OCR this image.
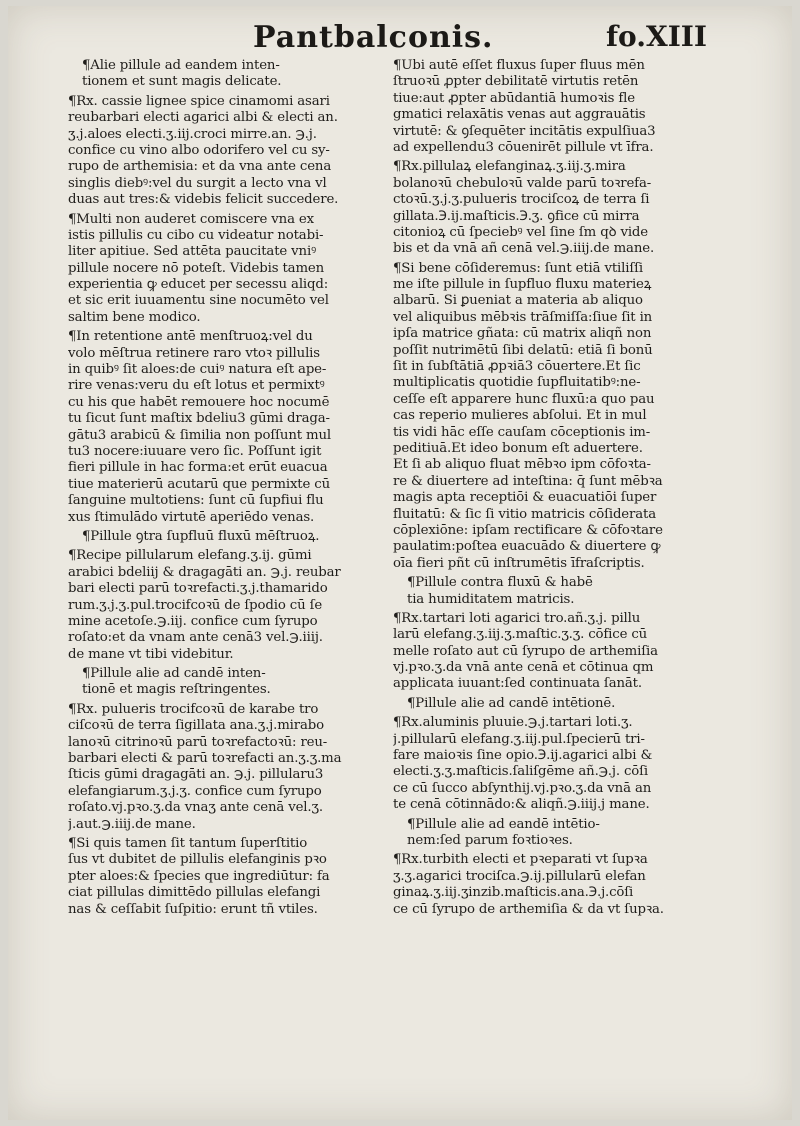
Pantbalconis.	fo.XIII
¶Alie pillule ad eandem inten-
tionem et sunt magis delicate.
¶Rx. cassie lignee spice cinamomi asari
reubarbari electi agarici albi & electi an.
ʒ.j.aloes electi.ʒ.iij.croci mirre.an. ℈.j.
confice cu vino albo odorifero vel cu sy-
rupo de arthemisia: et da vna ante cena
singlis diebꝰ:vel du surgit a lecto vna vl
duas aut tres:& videbis felicit succedere.
¶Multi non auderet comiscere vna ex
istis pillulis cu cibo cu videatur notabi-
liter apitiue. Sed attēta paucitate vniꝰ
pillule nocere nō poteſt. Videbis tamen
experientia ꝙ educet per secessu aliqd:
et sic erit iuuamentu sine nocumēto vel
saltim bene modico.
¶In retentione antē menſtruoꝝ:vel du
volo mēſtrua retinere raro vtoꝛ pillulis
in quibꝰ ſit aloes:de cuiꝰ natura eſt ape-
rire venas:veru du eſt lotus et permixtꝰ
cu his que habēt remouere hoc nocumē
tu ſicut ſunt maſtix bdeliu3 gūmi draga-
gātu3 arabicū & ſimilia non poſſunt mul
tu3 nocere:iuuare vero ſic. Poſſunt igit
fieri pillule in hac forma:et erūt euacua
tiue materierū acutarū que permixte cū
ſanguine multotiens: ſunt cū ſupfiui flu
xus ſtimulādo virtutē aperiēdo venas.
¶Pillule ꝯtra ſupfluū fluxū mēſtruoꝝ.
¶Recipe pillularum elefang.ʒ.ij. gūmi
arabici bdeliij & dragagāti an. ℈.j. reubar
bari electi parū toꝛrefacti.ʒ.j.thamarido
rum.ʒ.j.ʒ.pul.trocifcoꝛū de ſpodio cū ſe
mine acetoſe.℈.iij. confice cum ſyrupo
roſato:et da vnam ante cenā3 vel.℈.iiij.
de mane vt tibi videbitur.
¶Pillule alie ad candē inten-
tionē et magis reſtringentes.
¶Rx. pulueris trocifcoꝛū de karabe tro
ciſcoꝛū de terra ſigillata ana.ʒ.j.mirabo
lanoꝛū citrinoꝛū parū toꝛrefactoꝛū: reu-
barbari electi & parū toꝛrefacti an.ʒ.ʒ.ma
ſticis gūmi dragagāti an. ℈.j. pillularu3
elefangiarum.ʒ.j.ʒ. confice cum ſyrupo
roſato.vj.pꝛo.ʒ.da vnaʒ ante cenā vel.ʒ.
j.aut.℈.iiij.de mane.
¶Si quis tamen ſit tantum ſuperſtitio
ſus vt dubitet de pillulis elefanginis pꝛo
pter aloes:& ſpecies que ingrediūtur: fa
ciat pillulas dimittēdo pillulas elefangi
nas & ceſſabit ſuſpitio: erunt tñ vtiles.
¶Ubi autē eſſet fluxus ſuper fluus mēn
ſtruoꝛū ꝓpter debilitatē virtutis retēn
tiue:aut ꝓpter abūdantiā humoꝛis fle
gmatici relaxātis venas aut aggrauātis
virtutē: & ꝯſequēter incitātis expulſiua3
ad expellendu3 cōuenirēt pillule vt īfra.
¶Rx.pillulaꝝ elefanginaꝝ.ʒ.iij.ʒ.mira
bolanoꝛū chebuloꝛū valde parū toꝛrefa-
ctoꝛū.ʒ.j.ʒ.pulueris trociſcoꝝ de terra ſi
gillata.℈.ij.maſticis.℈.ʒ. ꝯfice cū mirra
citonioꝝ cū ſpeciebꝰ vel ſine ſm qꝺ vide
bis et da vnā añ cenā vel.℈.iiij.de mane.
¶Si bene cōſideremus: ſunt etiā vtiliſſi
me iſte pillule in ſupfluo fluxu materieꝝ
albarū. Si ꝑueniat a materia ab aliquo
vel aliquibus mēbꝛis trāſmiſſa:ſiue ſit in
ipſa matrice gñata: cū matrix aliqñ non
poſſit nutrimētū ſibi delatū: etiā ſi bonū
ſit in ſubſtātiā ꝓpꝛiā3 cōuertere.Et ſic
multiplicatis quotidie ſupfluitatibꝰ:ne-
ceſſe eſt apparere hunc fluxū:a quo pau
cas reperio mulieres abſolui. Et in mul
tis vidi hāc eſſe cauſam cōceptionis im-
peditiuā.Et ideo bonum eſt aduertere.
Et ſi ab aliquo fluat mēbꝛo ipm cōfoꝛta-
re & diuertere ad inteſtina: q̄ ſunt mēbꝛa
magis apta receptiōi & euacuatiōi ſuper
fluitatū: & ſic ſi vitio matricis cōſiderata
cōplexiōne: ipſam rectificare & cōfoꝛtare
paulatim:poſtea euacuādo & diuertere ꝙ
oīa fieri pñt cū inſtrumētis īfraſcriptis.
¶Pillule contra fluxū & habē
tia humiditatem matricis.
¶Rx.tartari loti agarici tro.añ.ʒ.j. pillu
larū elefang.ʒ.iij.ʒ.maſtic.ʒ.ʒ. cōfice cū
melle roſato aut cū ſyrupo de arthemiſia
vj.pꝛo.ʒ.da vnā ante cenā et cōtinua qm
applicata iuuant:ſed continuata ſanāt.
¶Pillule alie ad candē intētionē.
¶Rx.aluminis pluuie.℈.j.tartari loti.ʒ.
j.pillularū elefang.ʒ.iij.pul.ſpecierū tri-
fare maioꝛis ſine opio.℈.ij.agarici albi &
electi.ʒ.ʒ.maſticis.ſaliſgēme añ.℈.j. cōſi
ce cū ſucco abſynthij.vj.pꝛo.ʒ.da vnā an
te cenā cōtinnādo:& aliqñ.℈.iiij.j mane.
¶Pillule alie ad eandē intētio-
nem:ſed parum foꝛtioꝛes.
¶Rx.turbith electi et pꝛeparati vt ſupꝛa
ʒ.ʒ.agarici trociſca.℈.ij.pillularū elefan
ginaꝝ.ʒ.iij.ʒinzib.maſticis.ana.℈.j.cōſi
ce cū ſyrupo de arthemiſia & da vt ſupꝛa.
